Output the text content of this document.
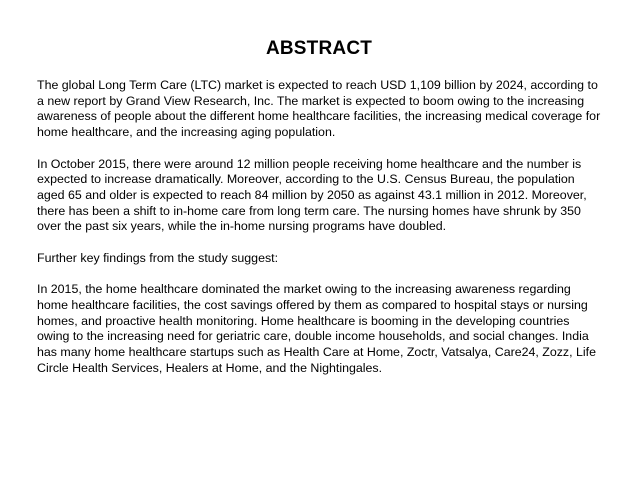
ABSTRACT

The global Long Term Care (LTC) market is expected to reach USD 1,109 billion by 2024, according to a new report by Grand View Research, Inc. The market is expected to boom owing to the increasing awareness of people about the different home healthcare facilities, the increasing medical coverage for home healthcare, and the increasing aging population.

In October 2015, there were around 12 million people receiving home healthcare and the number is expected to increase dramatically. Moreover, according to the U.S. Census Bureau, the population aged 65 and older is expected to reach 84 million by 2050 as against 43.1 million in 2012. Moreover, there has been a shift to in-home care from long term care. The nursing homes have shrunk by 350 over the past six years, while the in-home nursing programs have doubled.

Further key findings from the study suggest:

In 2015, the home healthcare dominated the market owing to the increasing awareness regarding home healthcare facilities, the cost savings offered by them as compared to hospital stays or nursing homes, and proactive health monitoring. Home healthcare is booming in the developing countries owing to the increasing need for geriatric care, double income households, and social changes. India has many home healthcare startups such as Health Care at Home, Zoctr, Vatsalya, Care24, Zozz, Life Circle Health Services, Healers at Home, and the Nightingales.
